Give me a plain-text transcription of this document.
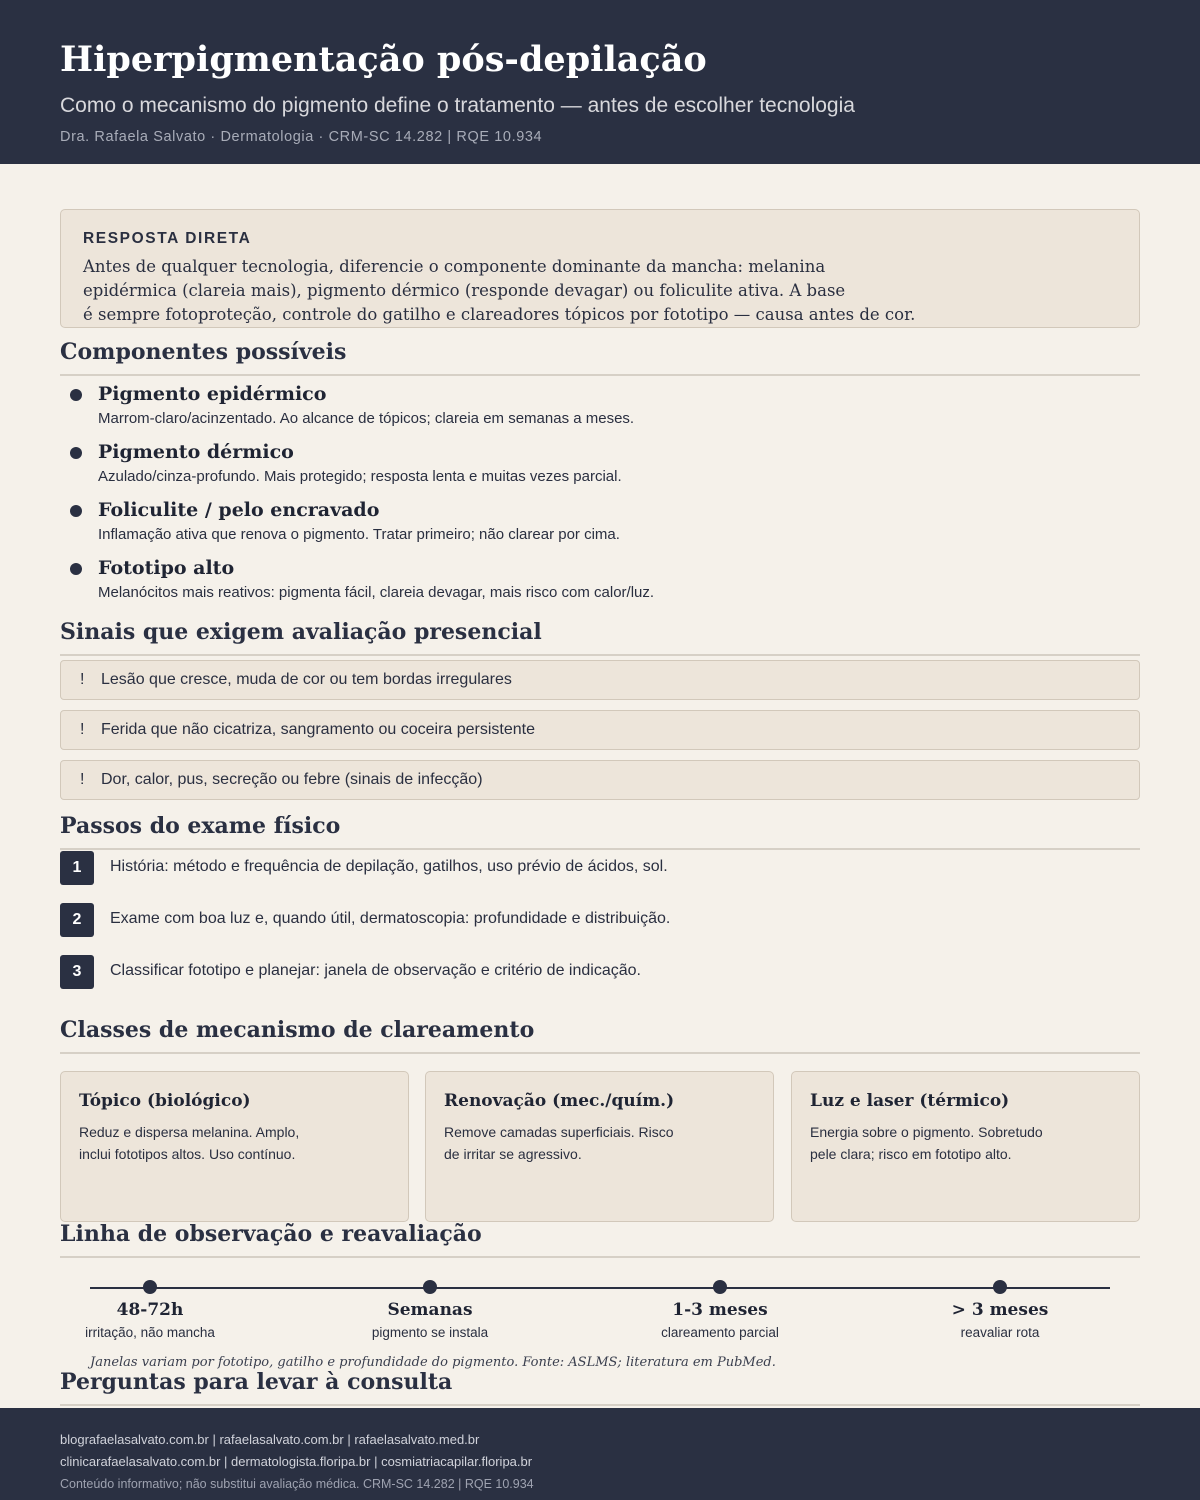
Hiperpigmentação pós-depilação
Como o mecanismo do pigmento define o tratamento — antes de escolher tecnologia
Dra. Rafaela Salvato · Dermatologia · CRM-SC 14.282 | RQE 10.934
RESPOSTA DIRETA
Antes de qualquer tecnologia, diferencie o componente dominante da mancha: melanina
epidérmica (clareia mais), pigmento dérmico (responde devagar) ou foliculite ativa. A base
é sempre fotoproteção, controle do gatilho e clareadores tópicos por fototipo — causa antes de cor.
Componentes possíveis
Pigmento epidérmico
Marrom-claro/acinzentado. Ao alcance de tópicos; clareia em semanas a meses.
Pigmento dérmico
Azulado/cinza-profundo. Mais protegido; resposta lenta e muitas vezes parcial.
Foliculite / pelo encravado
Inflamação ativa que renova o pigmento. Tratar primeiro; não clarear por cima.
Fototipo alto
Melanócitos mais reativos: pigmenta fácil, clareia devagar, mais risco com calor/luz.
Sinais que exigem avaliação presencial
! Lesão que cresce, muda de cor ou tem bordas irregulares
! Ferida que não cicatriza, sangramento ou coceira persistente
! Dor, calor, pus, secreção ou febre (sinais de infecção)
Passos do exame físico
1	História: método e frequência de depilação, gatilhos, uso prévio de ácidos, sol.
2	Exame com boa luz e, quando útil, dermatoscopia: profundidade e distribuição.
3	Classificar fototipo e planejar: janela de observação e critério de indicação.
Classes de mecanismo de clareamento
Tópico (biológico)
Reduz e dispersa melanina. Amplo, inclui fototipos altos. Uso contínuo.
Renovação (mec./quím.)
Remove camadas superficiais. Risco de irritar se agressivo.
Luz e laser (térmico)
Energia sobre o pigmento. Sobretudo pele clara; risco em fototipo alto.
Linha de observação e reavaliação
48-72h
irritação, não mancha
Semanas
pigmento se instala
1-3 meses
clareamento parcial
> 3 meses
reavaliar rota
Janelas variam por fototipo, gatilho e profundidade do pigmento. Fonte: ASLMS; literatura em PubMed.
Perguntas para levar à consulta
blografaelasalvato.com.br | rafaelasalvato.com.br | rafaelasalvato.med.br
clinicarafaelasalvato.com.br | dermatologista.floripa.br | cosmiatriacapilar.floripa.br
Conteúdo informativo; não substitui avaliação médica. CRM-SC 14.282 | RQE 10.934
